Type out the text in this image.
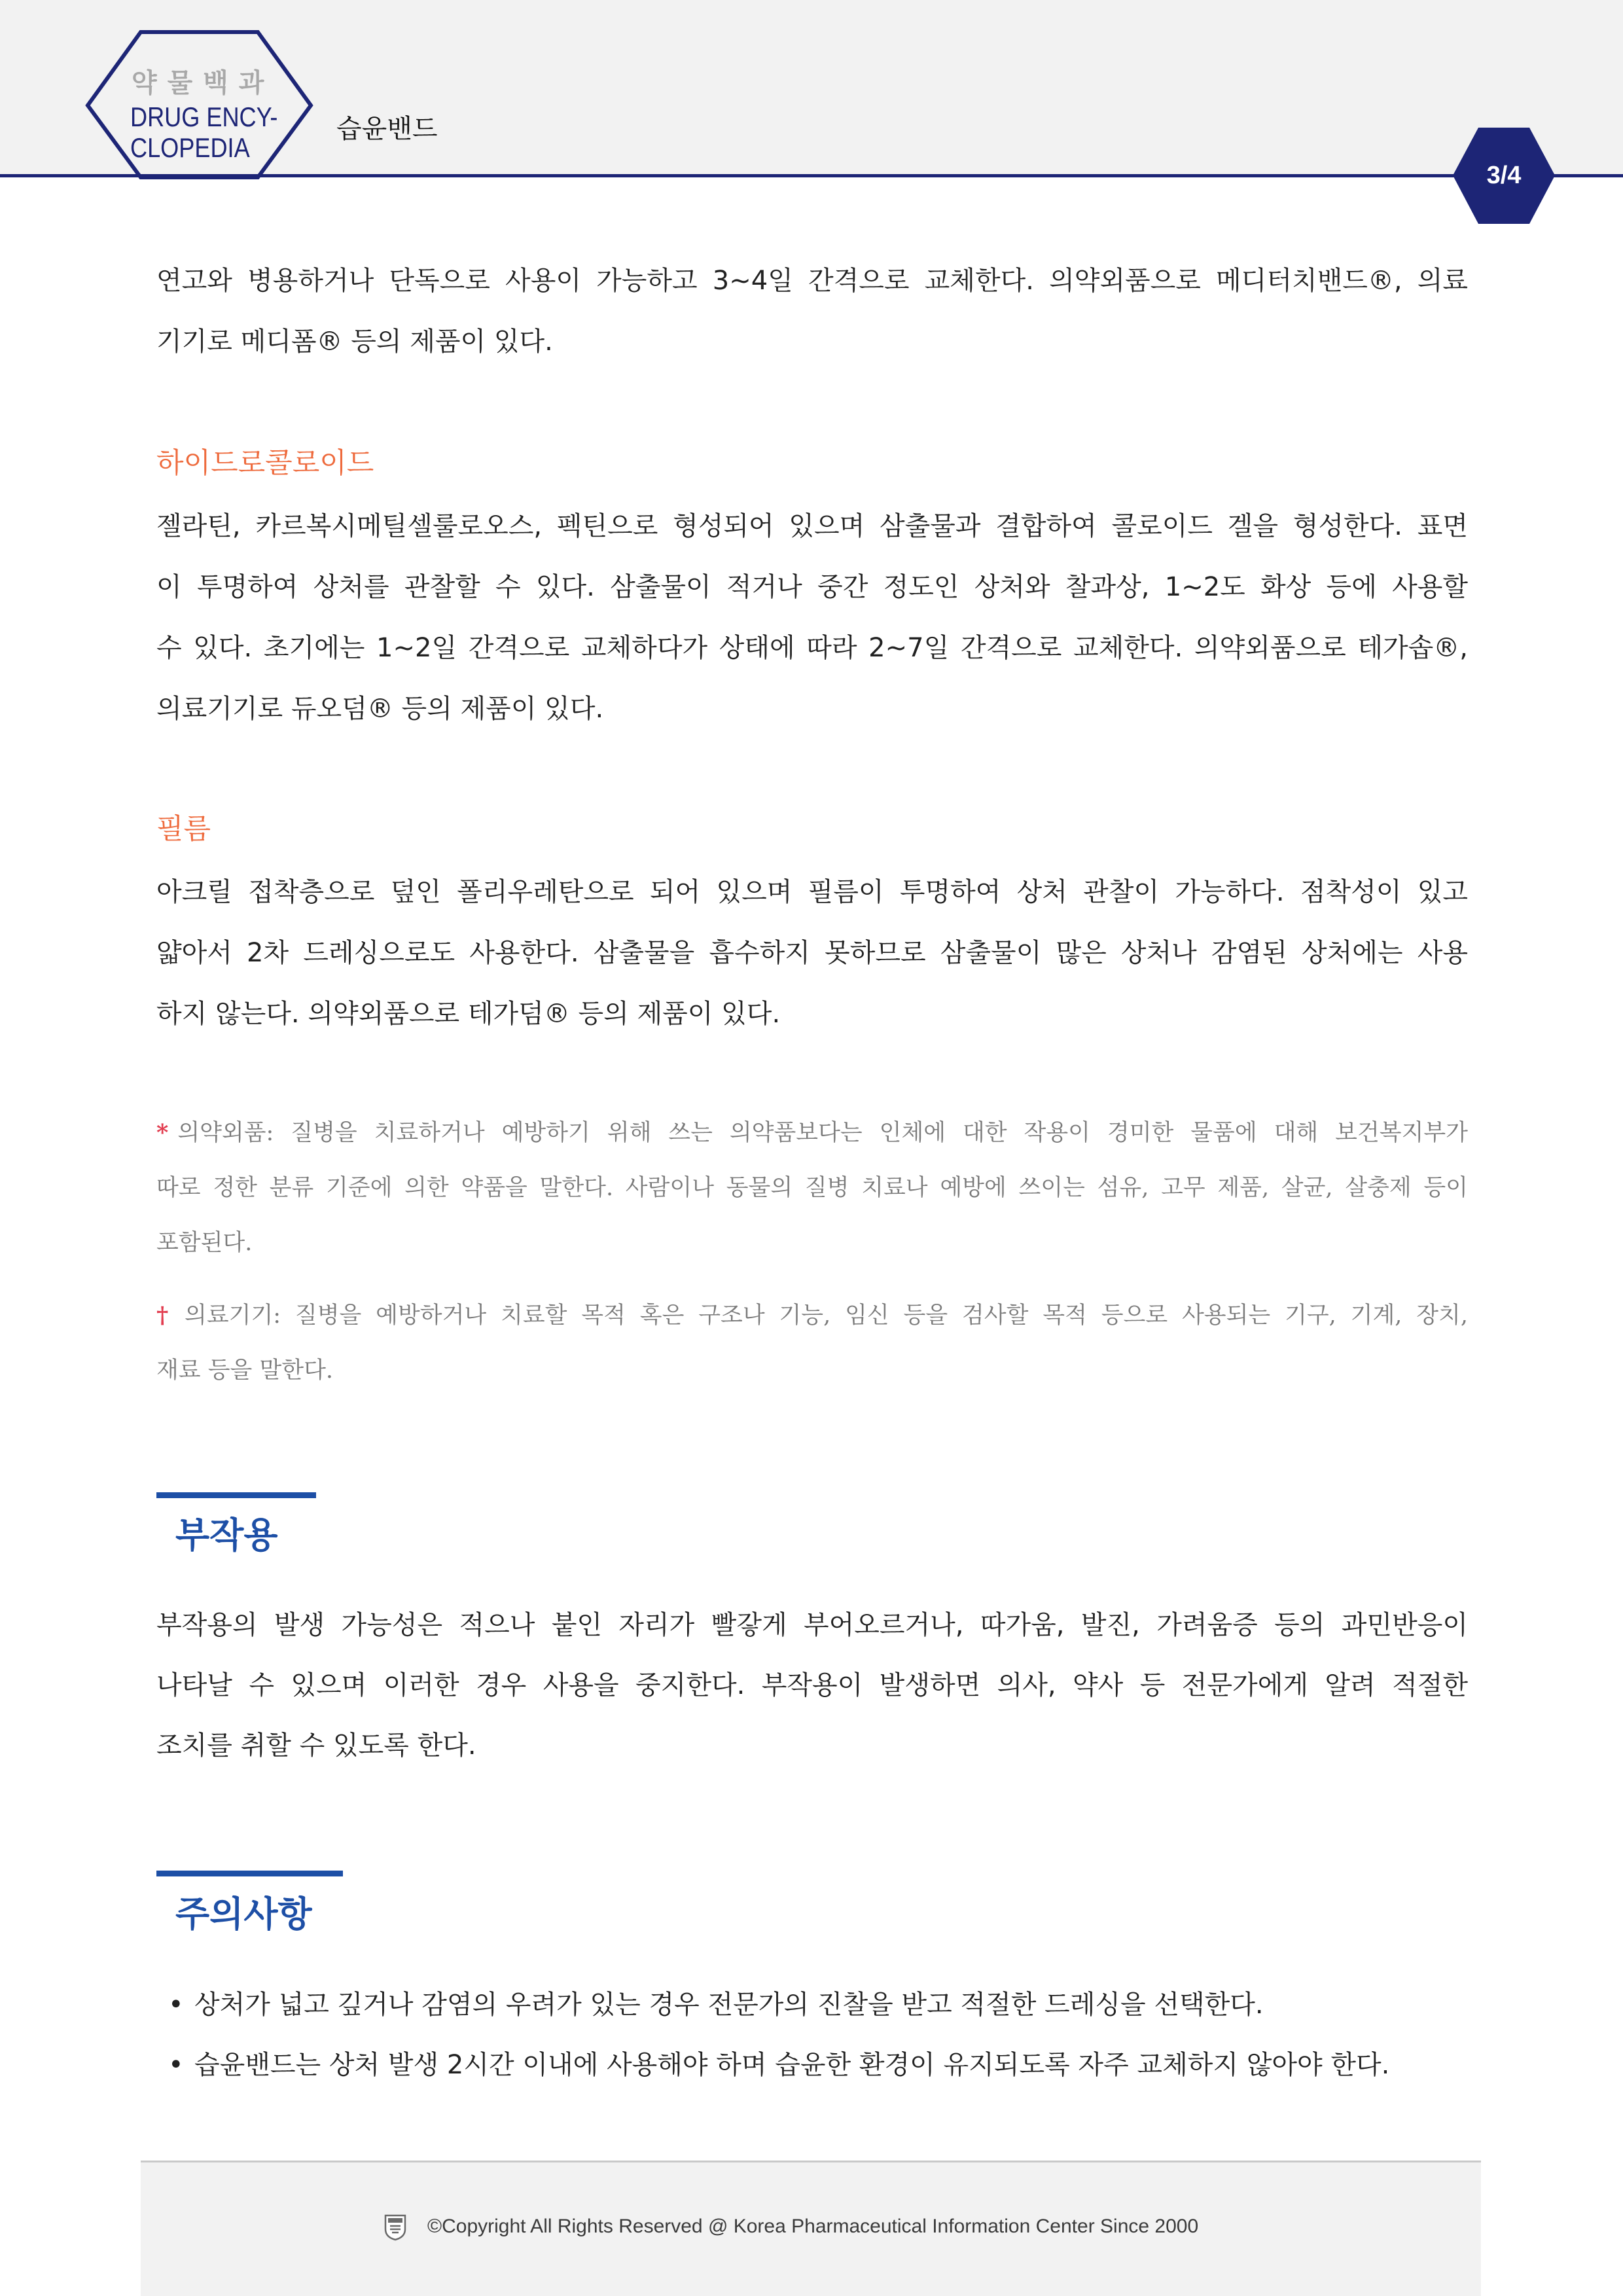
약 물 백 과
DRUG ENCY-
CLOPEDIA
습윤밴드
3/4
연고와 병용하거나 단독으로 사용이 가능하고 3~4일 간격으로 교체한다. 의약외품으로 메디터치밴드®, 의료
기기로 메디폼® 등의 제품이 있다.
하이드로콜로이드
젤라틴, 카르복시메틸셀룰로오스, 펙틴으로 형성되어 있으며 삼출물과 결합하여 콜로이드 겔을 형성한다. 표면
이 투명하여 상처를 관찰할 수 있다. 삼출물이 적거나 중간 정도인 상처와 찰과상, 1~2도 화상 등에 사용할
수 있다. 초기에는 1~2일 간격으로 교체하다가 상태에 따라 2~7일 간격으로 교체한다. 의약외품으로 테가솝®,
의료기기로 듀오덤® 등의 제품이 있다.
필름
아크릴 접착층으로 덮인 폴리우레탄으로 되어 있으며 필름이 투명하여 상처 관찰이 가능하다. 점착성이 있고
얇아서 2차 드레싱으로도 사용한다. 삼출물을 흡수하지 못하므로 삼출물이 많은 상처나 감염된 상처에는 사용
하지 않는다. 의약외품으로 테가덤® 등의 제품이 있다.
* 의약외품: 질병을 치료하거나 예방하기 위해 쓰는 의약품보다는 인체에 대한 작용이 경미한 물품에 대해 보건복지부가
따로 정한 분류 기준에 의한 약품을 말한다. 사람이나 동물의 질병 치료나 예방에 쓰이는 섬유, 고무 제품, 살균, 살충제 등이
포함된다.
† 의료기기: 질병을 예방하거나 치료할 목적 혹은 구조나 기능, 임신 등을 검사할 목적 등으로 사용되는 기구, 기계, 장치,
재료 등을 말한다.
부작용
부작용의 발생 가능성은 적으나 붙인 자리가 빨갛게 부어오르거나, 따가움, 발진, 가려움증 등의 과민반응이
나타날 수 있으며 이러한 경우 사용을 중지한다. 부작용이 발생하면 의사, 약사 등 전문가에게 알려 적절한
조치를 취할 수 있도록 한다.
주의사항
• 상처가 넓고 깊거나 감염의 우려가 있는 경우 전문가의 진찰을 받고 적절한 드레싱을 선택한다.
• 습윤밴드는 상처 발생 2시간 이내에 사용해야 하며 습윤한 환경이 유지되도록 자주 교체하지 않아야 한다.
©Copyright All Rights Reserved @ Korea Pharmaceutical Information Center Since 2000
